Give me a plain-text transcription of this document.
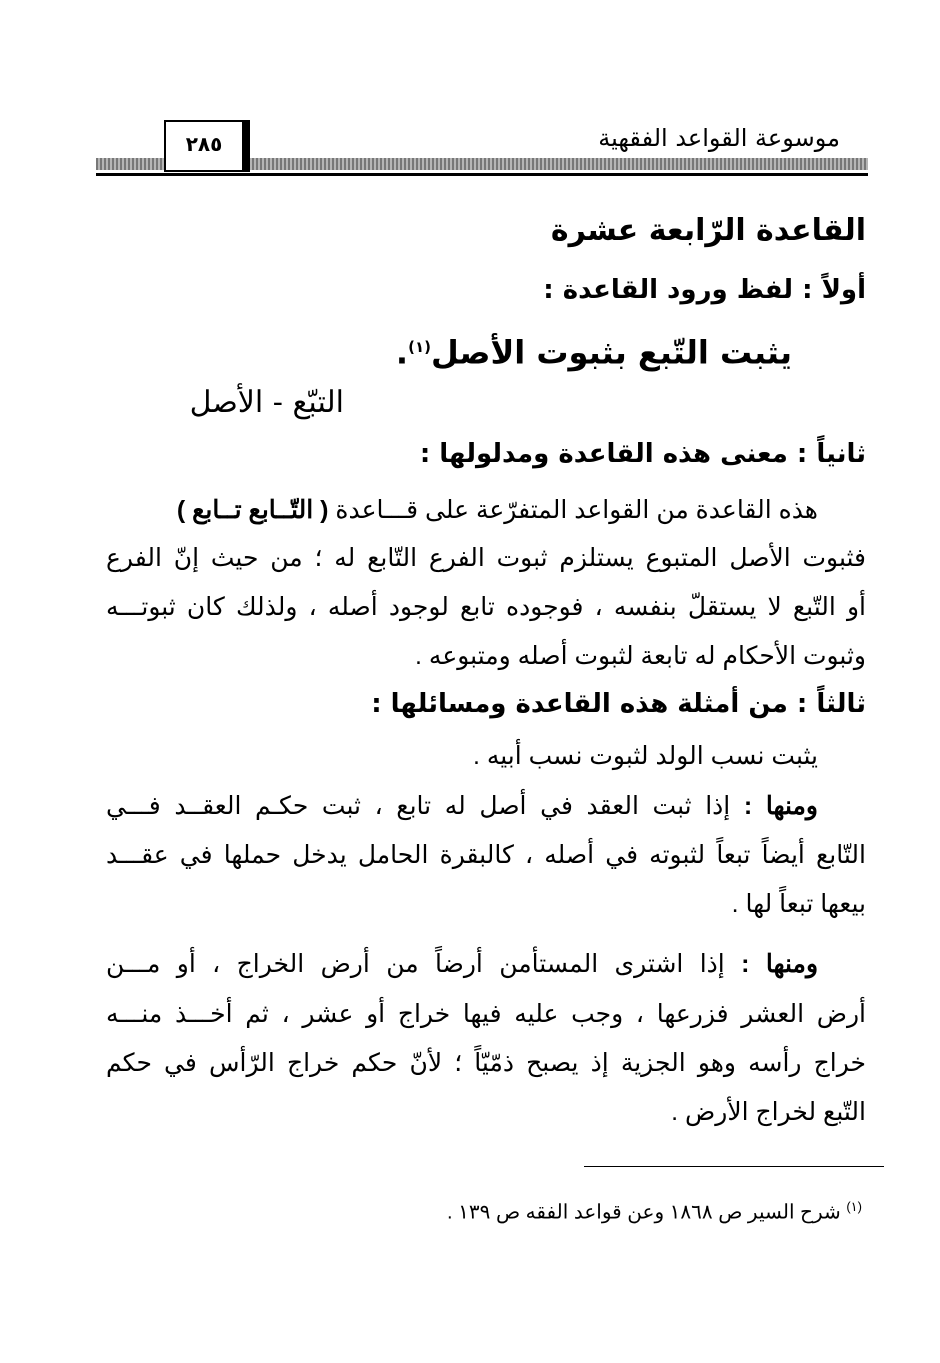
موسوعة القواعد الفقهية
٢٨٥
القاعدة الرّابعة عشرة
أولاً : لفظ ورود القاعدة :
يثبت التّبع بثبوت الأصل$^{(١)}$.
التبّع - الأصل
ثانياً : معنى هذه القاعدة ومدلولها :
هذه القاعدة من القواعد المتفرّعة على قـــاعدة ( التّــابع تــابع )
فثبوت الأصل المتبوع يستلزم ثبوت الفرع التّابع له ؛ من حيث إنّ الفرع
أو التّبع لا يستقلّ بنفسه ، فوجوده تابع لوجود أصله ، ولذلك كان ثبوتـــه
وثبوت الأحكام له تابعة لثبوت أصله ومتبوعه .
ثالثاً : من أمثلة هذه القاعدة ومسائلها :
يثبت نسب الولد لثبوت نسب أبيه .
ومنها : إذا ثبت العقد في أصل له تابع ، ثبت حكـم العقــد فـــي
التّابع أيضاً تبعاً لثبوته في أصله ، كالبقرة الحامل يدخل حملها في عقـــد
بيعها تبعاً لها .
ومنها : إذا اشترى المستأمن أرضاً من أرض الخراج ، أو مـــن
أرض العشر فزرعها ، وجب عليه فيها خراج أو عشر ، ثم أخـــذ منـــه
خراج رأسه وهو الجزية إذ يصبح ذمّيّاً ؛ لأنّ حكم خراج الرّأس في حكم
التّبع لخراج الأرض .
$^{(١)}$ شرح السير ص ١٨٦٨ وعن قواعد الفقه ص ١٣٩ .
